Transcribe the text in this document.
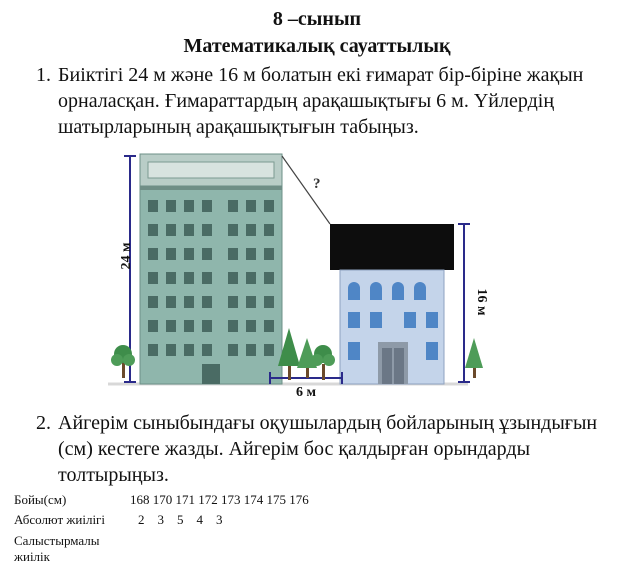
8 –сынып
Математикалық сауаттылық
1. Биіктігі 24 м және 16 м болатын екі ғимарат бір-біріне жақын орналасқан. Ғимараттардың арақашықтығы 6 м. Үйлердің шатырларының арақашықтығын табыңыз.
24 м
?
16 м
6 м
2. Айгерім сыныбындағы оқушылардың бойларының ұзындығын (см) кестеге жазды. Айгерім бос қалдырған орындарды толтырыңыз.
Бойы(см)	168 170 171 172 173 174 175 176
Абсолют жиілігі	2    3    5    4    3
Салыстырмалы жиілік
